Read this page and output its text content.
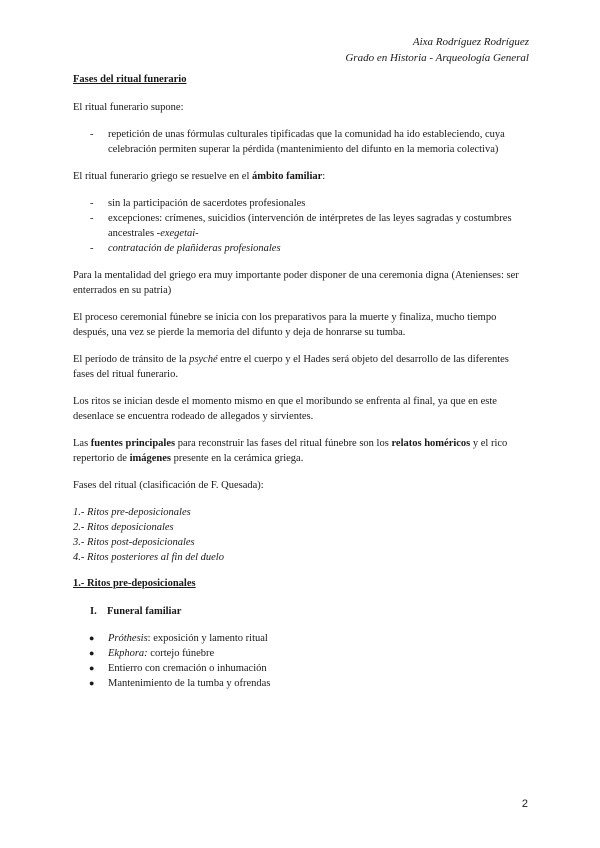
Aixa Rodríguez Rodríguez
Grado en Historia - Arqueología General

Fases del ritual funerario

El ritual funerario supone:

- repetición de unas fórmulas culturales tipificadas que la comunidad ha ido estableciendo, cuya celebración permiten superar la pérdida (mantenimiento del difunto en la memoria colectiva)

El ritual funerario griego se resuelve en el ámbito familiar:

- sin la participación de sacerdotes profesionales
- excepciones: crímenes, suicidios (intervención de intérpretes de las leyes sagradas y costumbres ancestrales -exegetai-
- contratación de plañideras profesionales

Para la mentalidad del griego era muy importante poder disponer de una ceremonia digna (Atenienses: ser enterrados en su patria)

El proceso ceremonial fúnebre se inicia con los preparativos para la muerte y finaliza, mucho tiempo después, una vez se pierde la memoria del difunto y deja de honrarse su tumba.

El período de tránsito de la psyché entre el cuerpo y el Hades será objeto del desarrollo de las diferentes fases del ritual funerario.

Los ritos se inician desde el momento mismo en que el moribundo se enfrenta al final, ya que en este desenlace se encuentra rodeado de allegados y sirvientes.

Las fuentes principales para reconstruir las fases del ritual fúnebre son los relatos homéricos y el rico repertorio de imágenes presente en la cerámica griega.

Fases del ritual (clasificación de F. Quesada):

1.- Ritos pre-deposicionales
2.- Ritos deposicionales
3.- Ritos post-deposicionales
4.- Ritos posteriores al fin del duelo

1.- Ritos pre-deposicionales

I. Funeral familiar

● Próthesis: exposición y lamento ritual
● Ekphora: cortejo fúnebre
● Entierro con cremación o inhumación
● Mantenimiento de la tumba y ofrendas
2
